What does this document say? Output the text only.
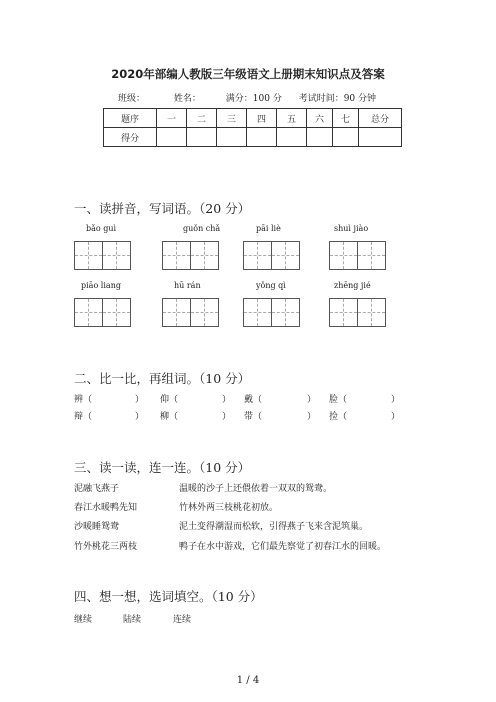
2020年部编人教版三年级语文上册期末知识点及答案
班级：	姓名：	满分：100 分 考试时间：90 分钟
题序	一	二	三	四	五	六	七	总分
得分								
一、读拼音，写词语。（20 分）
bǎo guì	guǒn chǎ	pāi liè	shuì jiào
piāo liang	hū rán	yǒng qì	zhēng jié
二、比一比，再组词。（10 分）
辨（	） 仰（	） 戴（	） 脸（	）
辩（	） 柳（	） 带（	） 捡（	）
三、读一读，连一连。（10 分）
泥融飞燕子
春江水暖鸭先知
沙暖睡鸳鸯
竹外桃花三两枝
温暖的沙子上还偎依着一双双的鸳鸯。
竹林外两三枝桃花初放。
泥土变得潮湿而松软，引得燕子飞来含泥筑巢。
鸭子在水中游戏，它们最先察觉了初春江水的回暖。
四、想一想，选词填空。（10 分）
继续	陆续	连续
1 / 4
